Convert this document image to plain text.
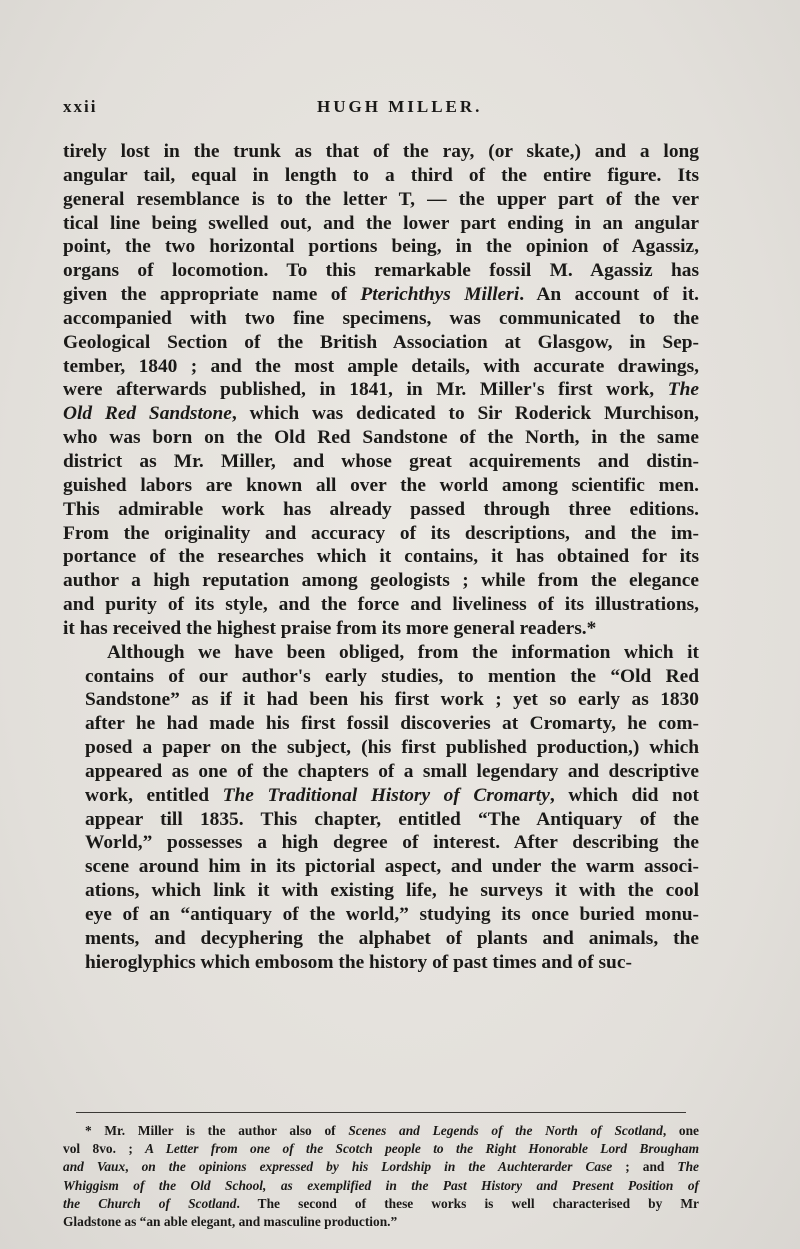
xxii	HUGH MILLER.

tirely lost in the trunk as that of the ray, (or skate,) and a long
angular tail, equal in length to a third of the entire figure. Its
general resemblance is to the letter T, — the upper part of the ver
tical line being swelled out, and the lower part ending in an angular
point, the two horizontal portions being, in the opinion of Agassiz,
organs of locomotion. To this remarkable fossil M. Agassiz has
given the appropriate name of Pterichthys Milleri. An account of it.
accompanied with two fine specimens, was communicated to the
Geological Section of the British Association at Glasgow, in Sep-
tember, 1840 ; and the most ample details, with accurate drawings,
were afterwards published, in 1841, in Mr. Miller's first work, The
Old Red Sandstone, which was dedicated to Sir Roderick Murchison,
who was born on the Old Red Sandstone of the North, in the same
district as Mr. Miller, and whose great acquirements and distin-
guished labors are known all over the world among scientific men.
This admirable work has already passed through three editions.
From the originality and accuracy of its descriptions, and the im-
portance of the researches which it contains, it has obtained for its
author a high reputation among geologists ; while from the elegance
and purity of its style, and the force and liveliness of its illustrations,
it has received the highest praise from its more general readers.*

Although we have been obliged, from the information which it
contains of our author's early studies, to mention the “Old Red
Sandstone” as if it had been his first work ; yet so early as 1830
after he had made his first fossil discoveries at Cromarty, he com-
posed a paper on the subject, (his first published production,) which
appeared as one of the chapters of a small legendary and descriptive
work, entitled The Traditional History of Cromarty, which did not
appear till 1835. This chapter, entitled “The Antiquary of the
World,” possesses a high degree of interest. After describing the
scene around him in its pictorial aspect, and under the warm associ-
ations, which link it with existing life, he surveys it with the cool
eye of an “antiquary of the world,” studying its once buried monu-
ments, and decyphering the alphabet of plants and animals, the
hieroglyphics which embosom the history of past times and of suc-

* Mr. Miller is the author also of Scenes and Legends of the North of Scotland, one
vol 8vo. ; A Letter from one of the Scotch people to the Right Honorable Lord Brougham
and Vaux, on the opinions expressed by his Lordship in the Auchterarder Case ; and The
Whiggism of the Old School, as exemplified in the Past History and Present Position of
the Church of Scotland. The second of these works is well characterised by Mr
Gladstone as “an able elegant, and masculine production.”
